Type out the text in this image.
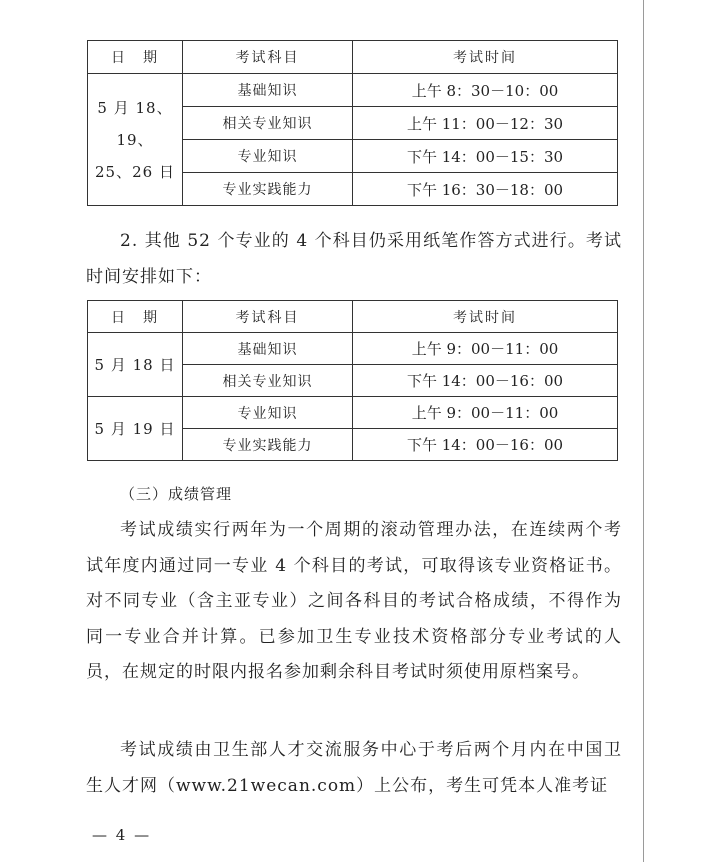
日　期	考试科目	考试时间

5 月 18、19、
25、26 日	基础知识	上午 8：30－10：00
	相关专业知识	上午 11：00－12：30
	专业知识	下午 14：00－15：30
	专业实践能力	下午 16：30－18：00

2. 其他 52 个专业的 4 个科目仍采用纸笔作答方式进行。考试时间安排如下：

日　期	考试科目	考试时间
5 月 18 日	基础知识	上午 9：00－11：00
	相关专业知识	下午 14：00－16：00
5 月 19 日	专业知识	上午 9：00－11：00
	专业实践能力	下午 14：00－16：00
（三）成绩管理

考试成绩实行两年为一个周期的滚动管理办法，在连续两个考试年度内通过同一专业 4 个科目的考试，可取得该专业资格证书。对不同专业（含主亚专业）之间各科目的考试合格成绩，不得作为同一专业合并计算。已参加卫生专业技术资格部分专业考试的人员，在规定的时限内报名参加剩余科目考试时须使用原档案号。

考试成绩由卫生部人才交流服务中心于考后两个月内在中国卫生人才网（www.21wecan.com）上公布，考生可凭本人准考证

— 4 —
